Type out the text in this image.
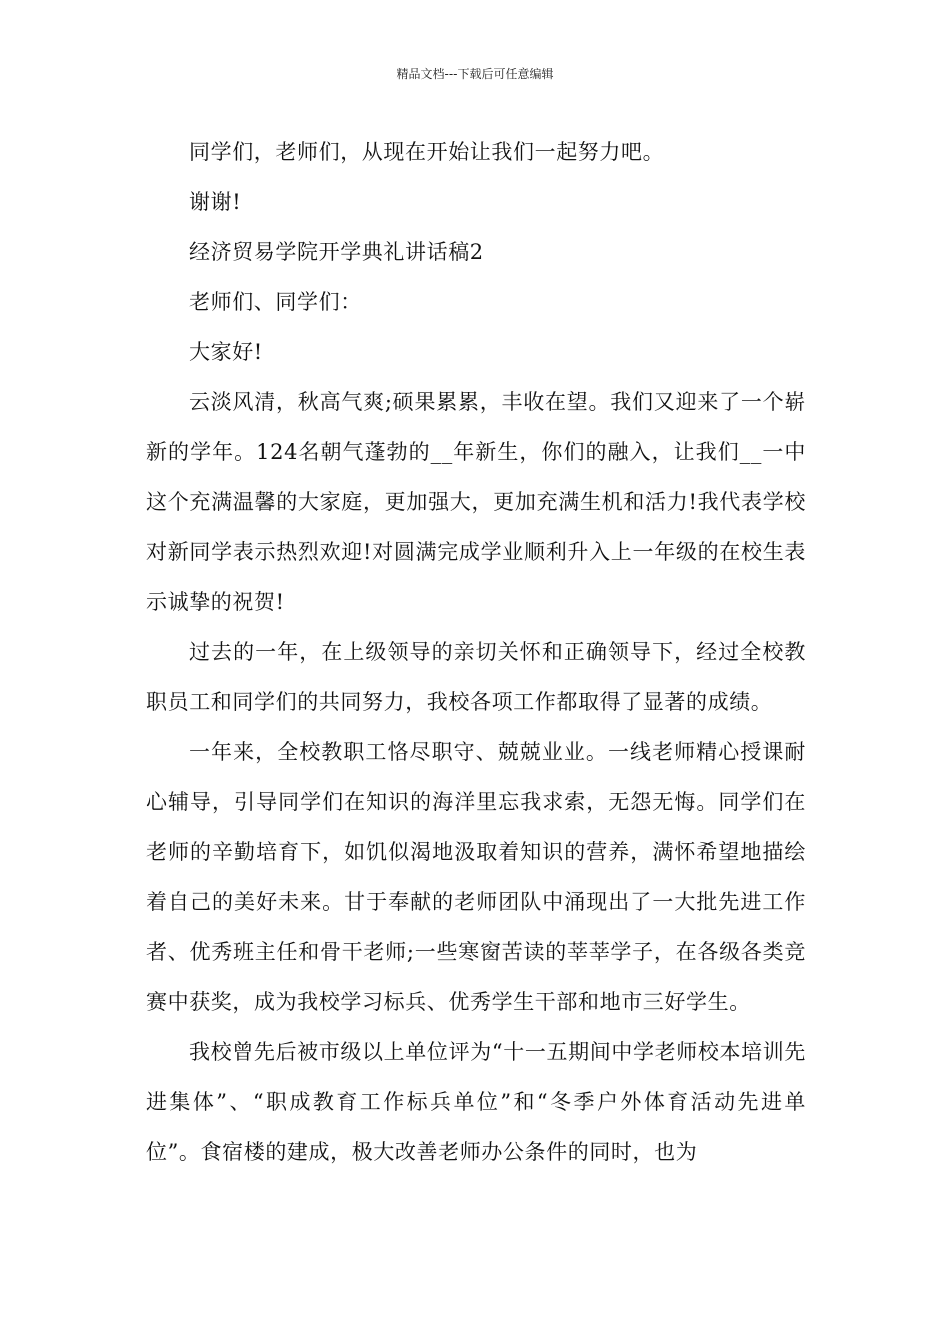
精品文档---下载后可任意编辑

同学们，老师们，从现在开始让我们一起努力吧。

谢谢!

经济贸易学院开学典礼讲话稿2

老师们、同学们：

大家好!

云淡风清，秋高气爽;硕果累累，丰收在望。我们又迎来了一个崭新的学年。124名朝气蓬勃的__年新生，你们的融入，让我们__一中这个充满温馨的大家庭，更加强大，更加充满生机和活力!我代表学校对新同学表示热烈欢迎!对圆满完成学业顺利升入上一年级的在校生表示诚挚的祝贺!

过去的一年，在上级领导的亲切关怀和正确领导下，经过全校教职员工和同学们的共同努力，我校各项工作都取得了显著的成绩。

一年来，全校教职工恪尽职守、兢兢业业。一线老师精心授课耐心辅导，引导同学们在知识的海洋里忘我求索，无怨无悔。同学们在老师的辛勤培育下，如饥似渴地汲取着知识的营养，满怀希望地描绘着自己的美好未来。甘于奉献的老师团队中涌现出了一大批先进工作者、优秀班主任和骨干老师;一些寒窗苦读的莘莘学子，在各级各类竞赛中获奖，成为我校学习标兵、优秀学生干部和地市三好学生。

我校曾先后被市级以上单位评为“十一五期间中学老师校本培训先进集体”、“职成教育工作标兵单位”和“冬季户外体育活动先进单位”。食宿楼的建成，极大改善老师办公条件的同时，也为
